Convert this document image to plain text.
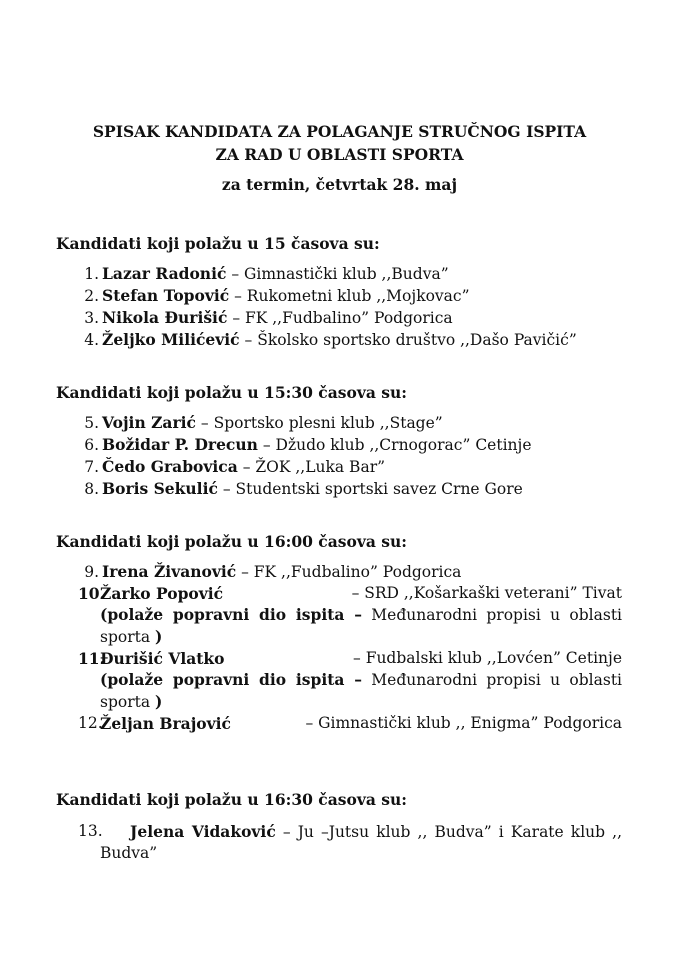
SPISAK KANDIDATA ZA POLAGANJE STRUČNOG ISPITA
ZA RAD U OBLASTI SPORTA
za termin, četvrtak 28. maj
Kandidati koji polažu u 15 časova su:
1. Lazar Radonić – Gimnastički klub ,,Budva”
2. Stefan Topović – Rukometni klub ,,Mojkovac”
3. Nikola Đurišić – FK ,,Fudbalino” Podgorica
4. Željko Milićević – Školsko sportsko društvo ,,Dašo Pavičić”
Kandidati koji polažu u 15:30 časova su:
5. Vojin Zarić – Sportsko plesni klub ,,Stage”
6. Božidar P. Drecun – Džudo klub ,,Crnogorac” Cetinje
7. Čedo Grabovica – ŽOK ,,Luka Bar”
8. Boris Sekulić – Studentski sportski savez Crne Gore
Kandidati koji polažu u 16:00 časova su:
9. Irena Živanović – FK ,,Fudbalino” Podgorica
10.
Žarko Popović	– SRD ,,Košarkaški veterani” Tivat
(polaže popravni dio ispita – Međunarodni propisi u oblasti sporta )
11.
Đurišić Vlatko	– Fudbalski klub ,,Lovćen” Cetinje
(polaže popravni dio ispita – Međunarodni propisi u oblasti sporta )
12.
Željan Brajović	– Gimnastički klub ,, Enigma” Podgorica
Kandidati koji polažu u 16:30 časova su:
13.	Jelena Vidaković – Ju –Jutsu klub ,, Budva” i Karate klub ,, Budva”
